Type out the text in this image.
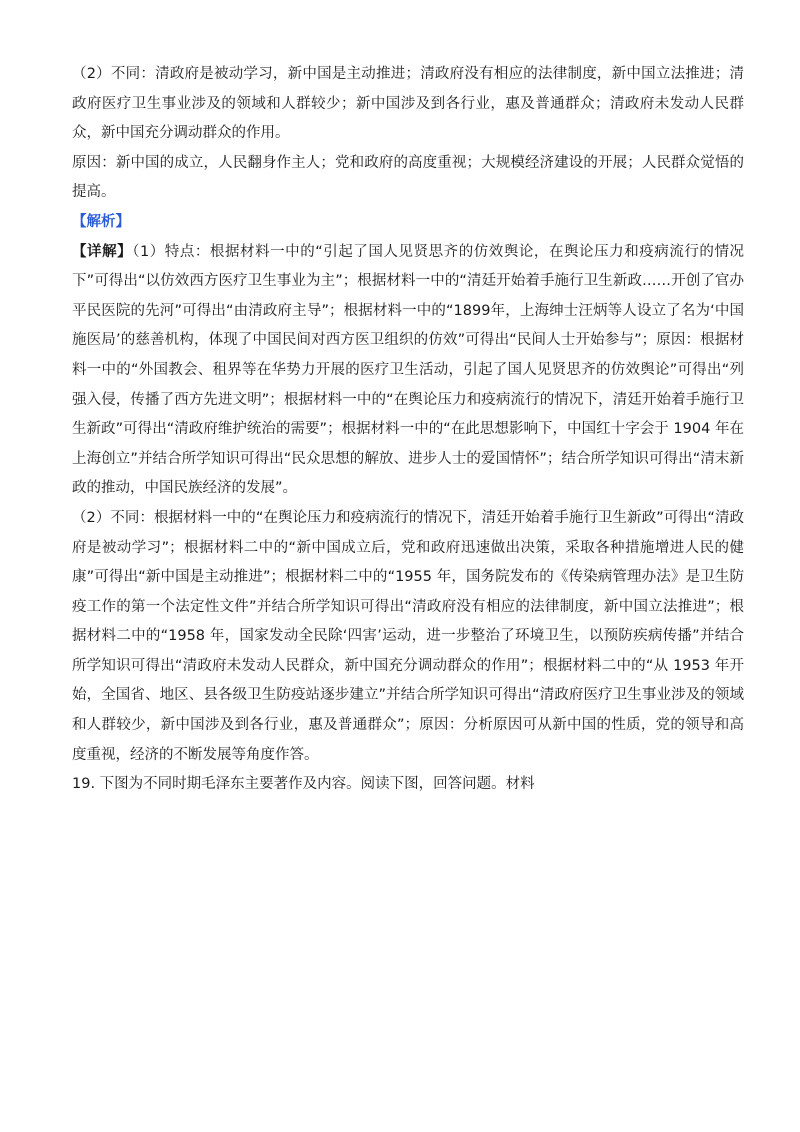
（2）不同：清政府是被动学习，新中国是主动推进；清政府没有相应的法律制度，新中国立法推进；清政府医疗卫生事业涉及的领域和人群较少；新中国涉及到各行业，惠及普通群众；清政府未发动人民群众，新中国充分调动群众的作用。

原因：新中国的成立，人民翻身作主人；党和政府的高度重视；大规模经济建设的开展；人民群众觉悟的提高。

【解析】

【详解】（1）特点：根据材料一中的“引起了国人见贤思齐的仿效舆论，在舆论压力和疫病流行的情况下”可得出“以仿效西方医疗卫生事业为主”；根据材料一中的“清廷开始着手施行卫生新政……开创了官办平民医院的先河”可得出“由清政府主导”；根据材料一中的“1899年，上海绅士汪炳等人设立了名为‘中国施医局’的慈善机构，体现了中国民间对西方医卫组织的仿效”可得出“民间人士开始参与”；原因：根据材料一中的“外国教会、租界等在华势力开展的医疗卫生活动，引起了国人见贤思齐的仿效舆论”可得出“列强入侵，传播了西方先进文明”；根据材料一中的“在舆论压力和疫病流行的情况下，清廷开始着手施行卫生新政”可得出“清政府维护统治的需要”；根据材料一中的“在此思想影响下，中国红十字会于 1904 年在上海创立”并结合所学知识可得出“民众思想的解放、进步人士的爱国情怀”；结合所学知识可得出“清末新政的推动，中国民族经济的发展”。

（2）不同：根据材料一中的“在舆论压力和疫病流行的情况下，清廷开始着手施行卫生新政”可得出“清政府是被动学习”；根据材料二中的“新中国成立后，党和政府迅速做出决策，采取各种措施增进人民的健康”可得出“新中国是主动推进”；根据材料二中的“1955 年，国务院发布的《传染病管理办法》是卫生防疫工作的第一个法定性文件”并结合所学知识可得出“清政府没有相应的法律制度，新中国立法推进”；根据材料二中的“1958 年，国家发动全民除‘四害’运动，进一步整治了环境卫生，以预防疾病传播”并结合所学知识可得出“清政府未发动人民群众，新中国充分调动群众的作用”；根据材料二中的“从 1953 年开始，全国省、地区、县各级卫生防疫站逐步建立”并结合所学知识可得出“清政府医疗卫生事业涉及的领域和人群较少，新中国涉及到各行业，惠及普通群众”；原因：分析原因可从新中国的性质，党的领导和高度重视，经济的不断发展等角度作答。

19. 下图为不同时期毛泽东主要著作及内容。阅读下图，回答问题。材料
